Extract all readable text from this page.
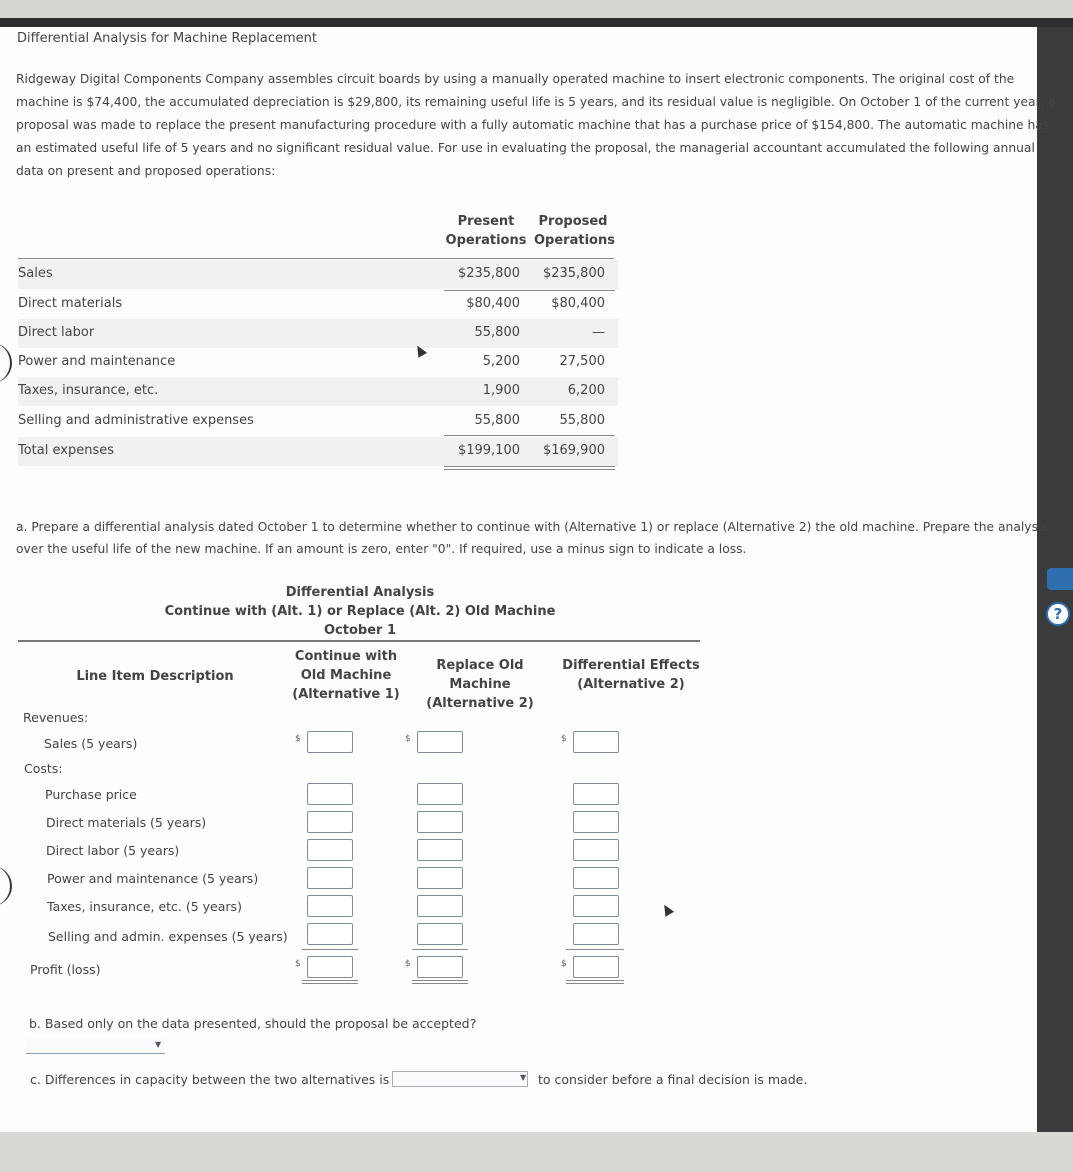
?
Differential Analysis for Machine Replacement
Ridgeway Digital Components Company assembles circuit boards by using a manually operated machine to insert electronic components. The original cost of the machine is $74,400, the accumulated depreciation is $29,800, its remaining useful life is 5 years, and its residual value is negligible. On October 1 of the current year, a proposal was made to replace the present manufacturing procedure with a fully automatic machine that has a purchase price of $154,800. The automatic machine has an estimated useful life of 5 years and no significant residual value. For use in evaluating the proposal, the managerial accountant accumulated the following annual data on present and proposed operations:
Present
Operations
Proposed
Operations
Sales	$235,800 $235,800
Direct materials	$80,400 $80,400
Direct labor	55,800	—
Power and maintenance	5,200	27,500
Taxes, insurance, etc.	1,900	6,200
Selling and administrative expenses	55,800	55,800
Total expenses	$199,100 $169,900
a. Prepare a differential analysis dated October 1 to determine whether to continue with (Alternative 1) or replace (Alternative 2) the old machine. Prepare the analysis over the useful life of the new machine. If an amount is zero, enter "0". If required, use a minus sign to indicate a loss.
Differential Analysis
Continue with (Alt. 1) or Replace (Alt. 2) Old Machine
October 1
Line Item Description
Continue with
Old Machine
(Alternative 1)
Replace Old Machine
(Alternative 2)
Differential Effects
(Alternative 2)
Revenues:
Sales (5 years)	$	$	$
Costs:
Purchase price
Direct materials (5 years)
Direct labor (5 years)
Power and maintenance (5 years)
Taxes, insurance, etc. (5 years)
Selling and admin. expenses (5 years)
Profit (loss)	$	$	$
b. Based only on the data presented, should the proposal be accepted?
▼
c. Differences in capacity between the two alternatives is	▼ to consider before a final decision is made.
